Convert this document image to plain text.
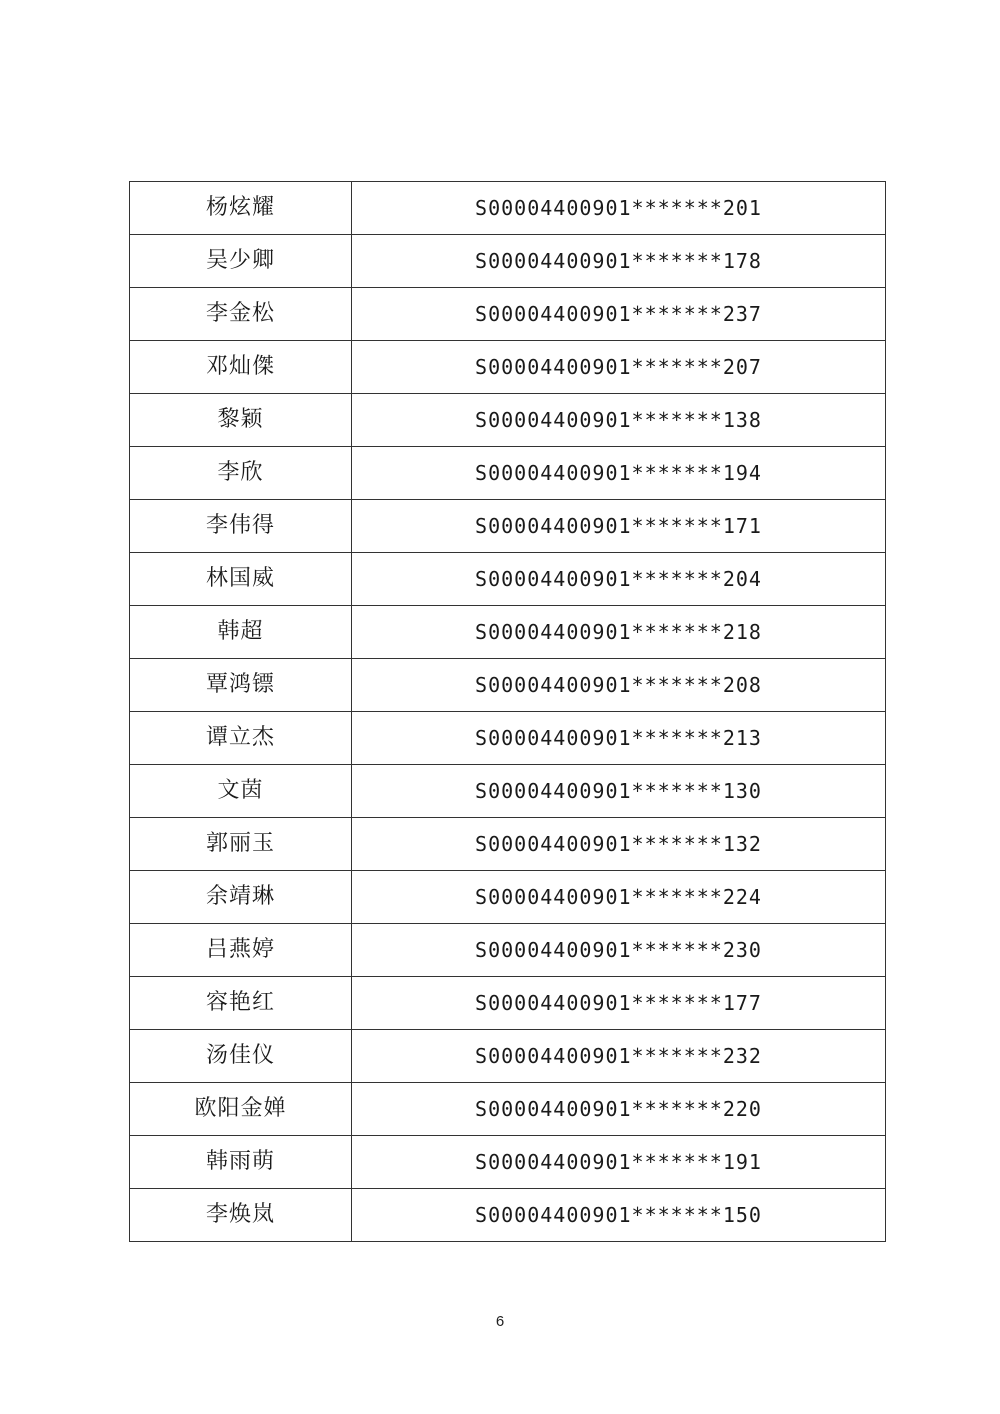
杨炫耀	S00004400901*******201
吴少卿	S00004400901*******178
李金松	S00004400901*******237
邓灿傑	S00004400901*******207
黎颖	S00004400901*******138
李欣	S00004400901*******194
李伟得	S00004400901*******171
林国威	S00004400901*******204
韩超	S00004400901*******218
覃鸿镖	S00004400901*******208
谭立杰	S00004400901*******213
文茵	S00004400901*******130
郭丽玉	S00004400901*******132
余靖琳	S00004400901*******224
吕燕婷	S00004400901*******230
容艳红	S00004400901*******177
汤佳仪	S00004400901*******232
欧阳金婵	S00004400901*******220
韩雨萌	S00004400901*******191
李焕岚	S00004400901*******150
6
